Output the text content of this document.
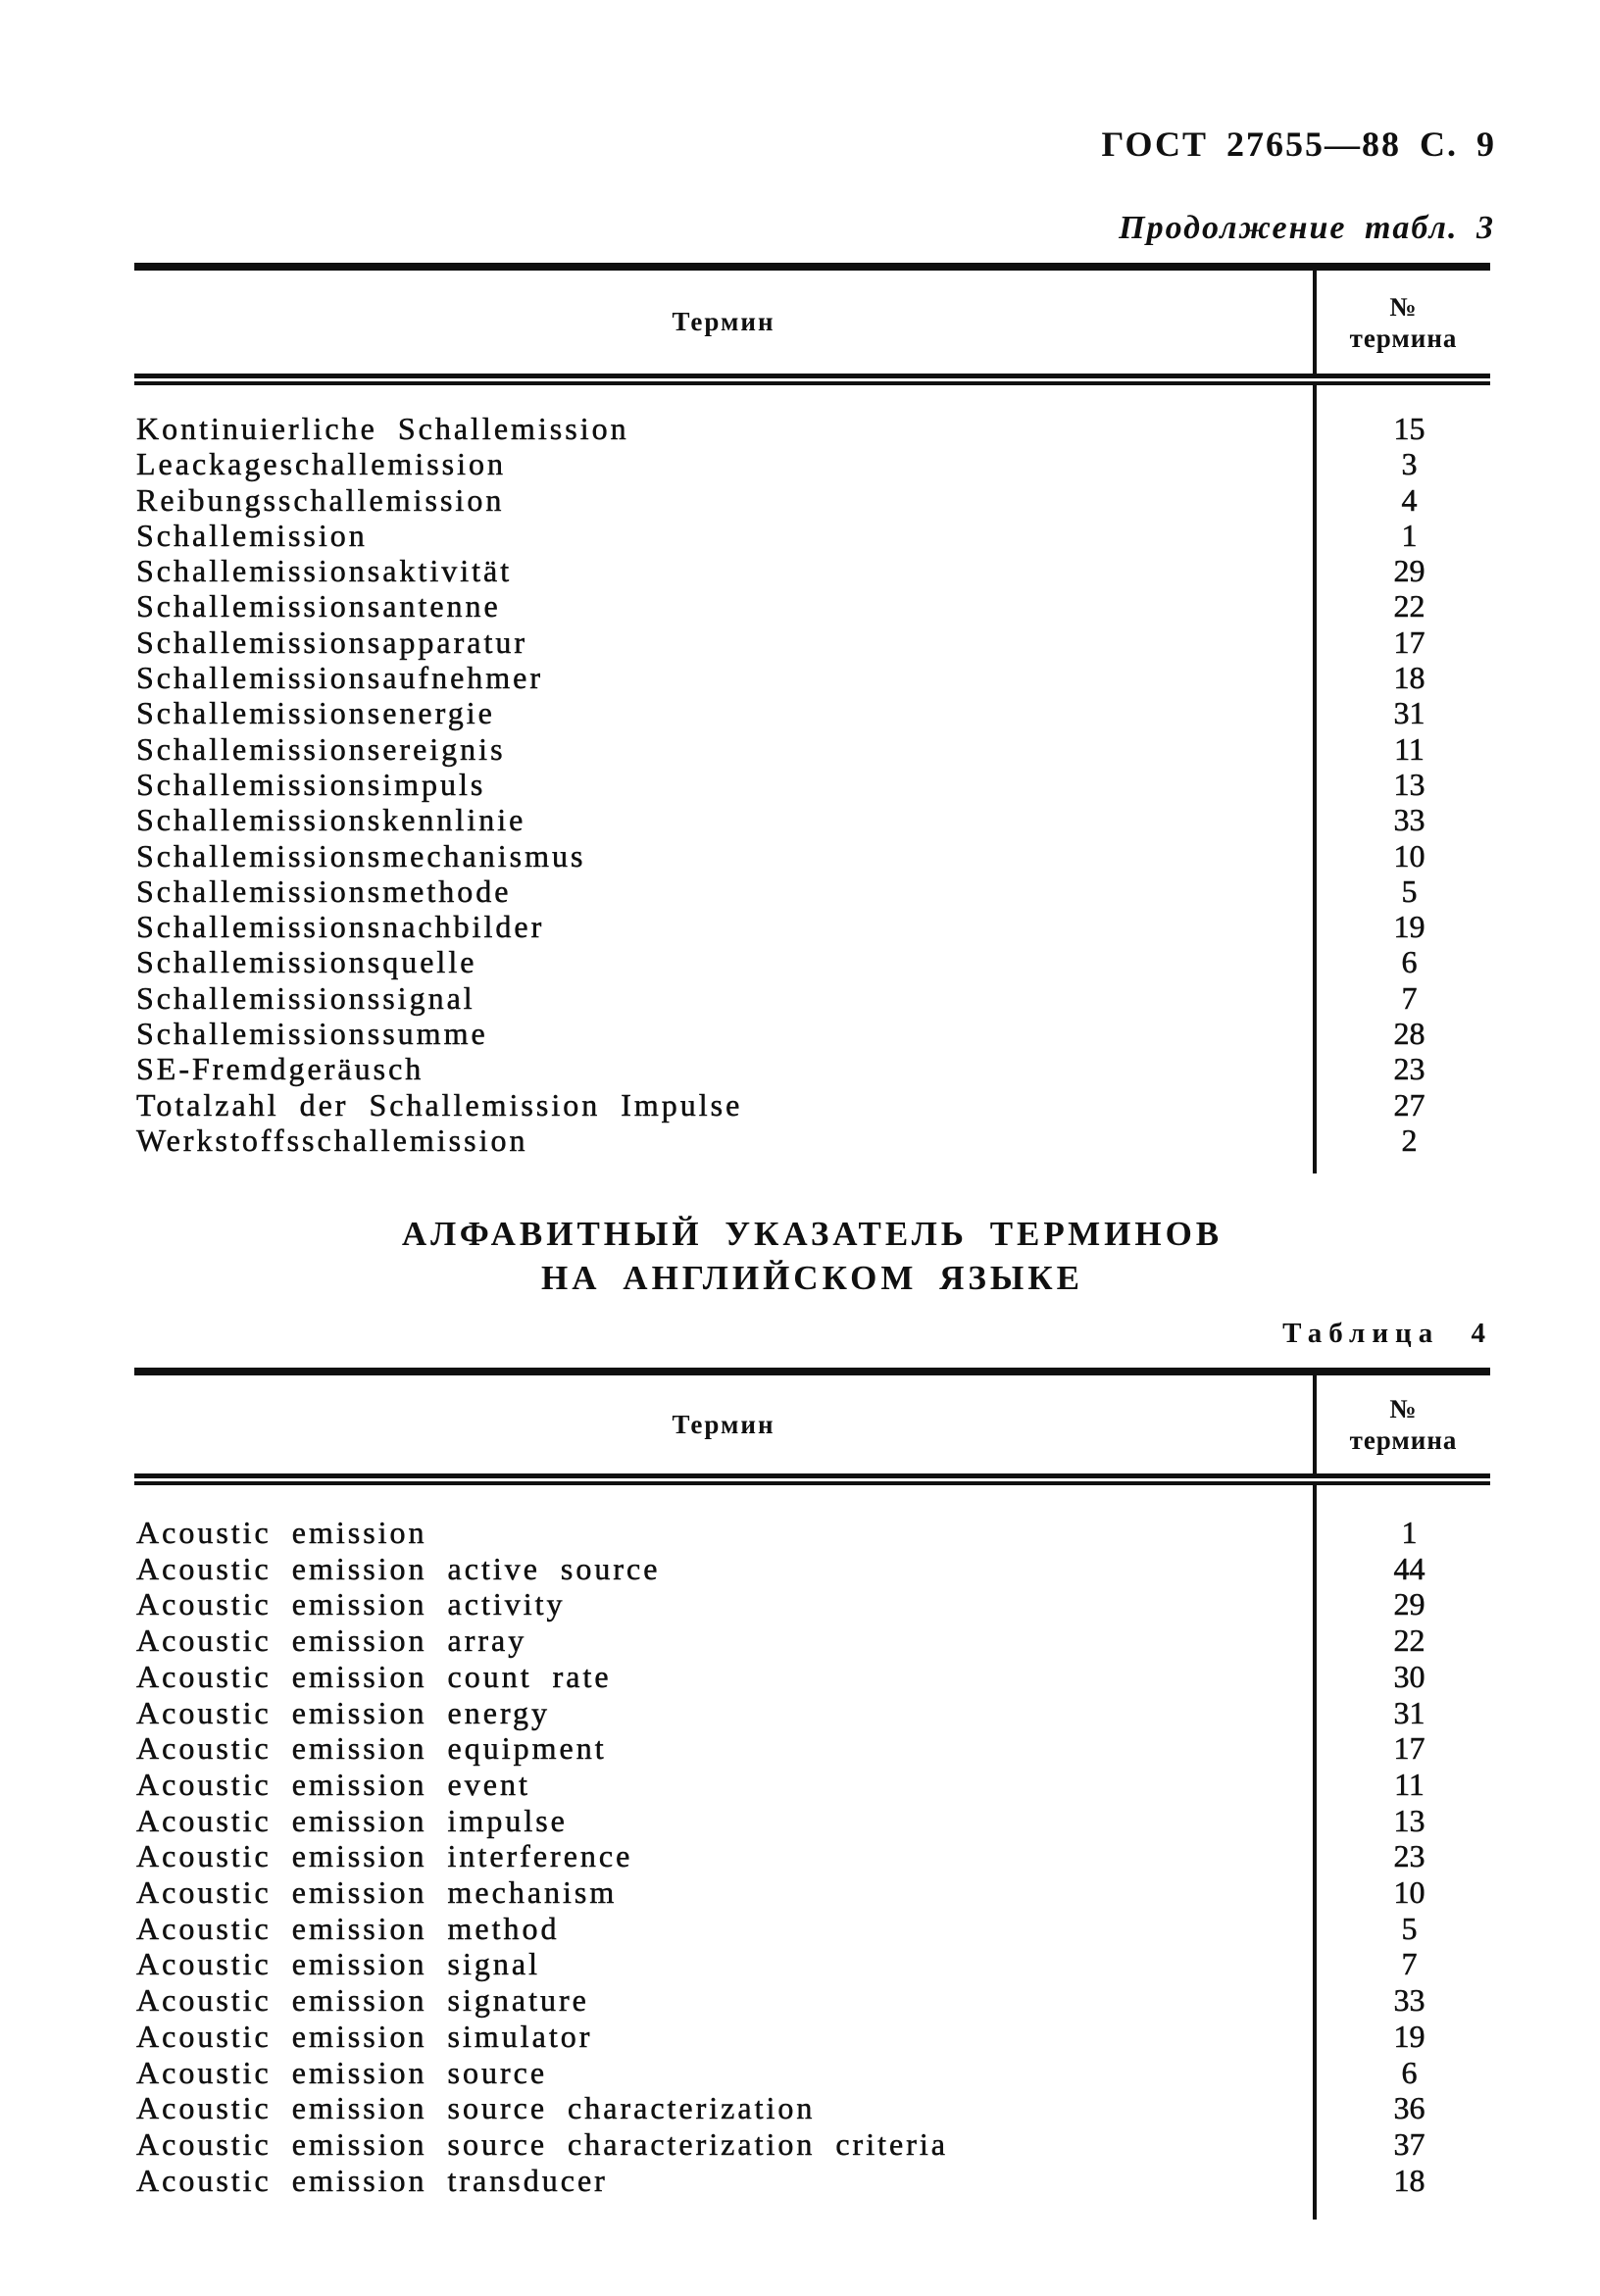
ГОСТ 27655—88 С. 9
Продолжение табл. 3
Термин
№
термина
Kontinuierliche Schallemission	15
Leackageschallemission	3
Reibungsschallemission	4
Schallemission	1
Schallemissionsaktivität	29
Schallemissionsantenne	22
Schallemissionsapparatur	17
Schallemissionsaufnehmer	18
Schallemissionsenergie	31
Schallemissionsereignis	11
Schallemissionsimpuls	13
Schallemissionskennlinie	33
Schallemissionsmechanismus	10
Schallemissionsmethode	5
Schallemissionsnachbilder	19
Schallemissionsquelle	6
Schallemissionssignal	7
Schallemissionssumme	28
SE-Fremdgeräusch	23
Totalzahl der Schallemission Impulse	27
Werkstoffsschallemission	2
АЛФАВИТНЫЙ УКАЗАТЕЛЬ ТЕРМИНОВ
НА АНГЛИЙСКОМ ЯЗЫКЕ
Таблица 4
Термин
№
термина
Acoustic emission	1
Acoustic emission active source	44
Acoustic emission activity	29
Acoustic emission array	22
Acoustic emission count rate	30
Acoustic emission energy	31
Acoustic emission equipment	17
Acoustic emission event	11
Acoustic emission impulse	13
Acoustic emission interference	23
Acoustic emission mechanism	10
Acoustic emission method	5
Acoustic emission signal	7
Acoustic emission signature	33
Acoustic emission simulator	19
Acoustic emission source	6
Acoustic emission source characterization	36
Acoustic emission source characterization criteria	37
Acoustic emission transducer	18
